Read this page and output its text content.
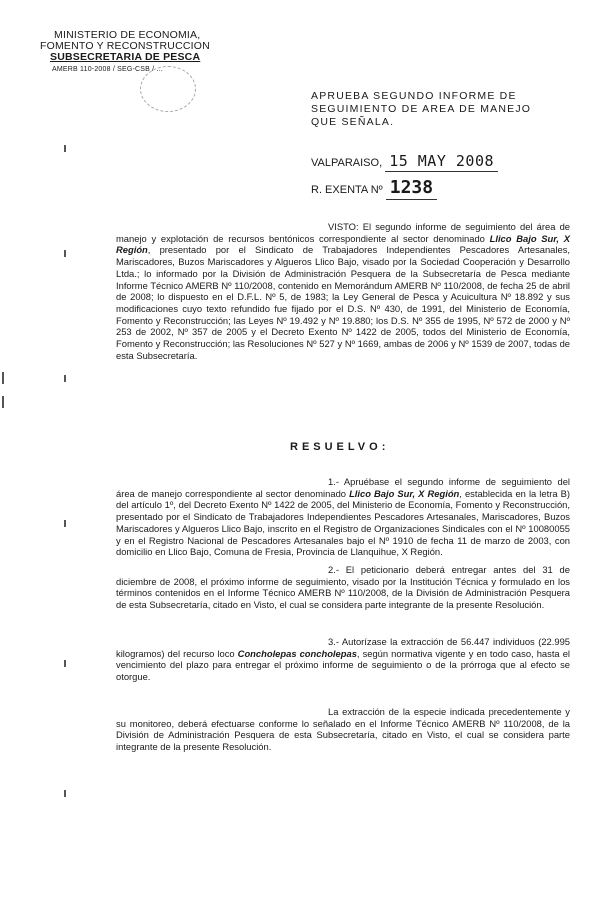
MINISTERIO DE ECONOMIA,
FOMENTO Y RECONSTRUCCION
SUBSECRETARIA DE PESCA
AMERB 110-2008 / SEG-CSB / ...
APRUEBA SEGUNDO INFORME DE SEGUIMIENTO DE AREA DE MANEJO QUE SEÑALA.
VALPARAISO, 15 MAY 2008
R. EXENTA Nº 1238
VISTO: El segundo informe de seguimiento del área de manejo y explotación de recursos bentónicos correspondiente al sector denominado Llico Bajo Sur, X Región, presentado por el Sindicato de Trabajadores Independientes Pescadores Artesanales, Mariscadores, Buzos Mariscadores y Algueros Llico Bajo, visado por la Sociedad Cooperación y Desarrollo Ltda.; lo informado por la División de Administración Pesquera de la Subsecretaría de Pesca mediante Informe Técnico AMERB Nº 110/2008, contenido en Memorándum AMERB Nº 110/2008, de fecha 25 de abril de 2008; lo dispuesto en el D.F.L. Nº 5, de 1983; la Ley General de Pesca y Acuicultura Nº 18.892 y sus modificaciones cuyo texto refundido fue fijado por el D.S. Nº 430, de 1991, del Ministerio de Economía, Fomento y Reconstrucción; las Leyes Nº 19.492 y Nº 19.880; los D.S. Nº 355 de 1995, Nº 572 de 2000 y Nº 253 de 2002, Nº 357 de 2005 y el Decreto Exento Nº 1422 de 2005, todos del Ministerio de Economía, Fomento y Reconstrucción; las Resoluciones Nº 527 y Nº 1669, ambas de 2006 y Nº 1539 de 2007, todas de esta Subsecretaría.
RESUELVO:
1.- Apruébase el segundo informe de seguimiento del área de manejo correspondiente al sector denominado Llico Bajo Sur, X Región, establecida en la letra B) del artículo 1º, del Decreto Exento Nº 1422 de 2005, del Ministerio de Economía, Fomento y Reconstrucción, presentado por el Sindicato de Trabajadores Independientes Pescadores Artesanales, Mariscadores, Buzos Mariscadores y Algueros Llico Bajo, inscrito en el Registro de Organizaciones Sindicales con el Nº 10080055 y en el Registro Nacional de Pescadores Artesanales bajo el Nº 1910 de fecha 11 de marzo de 2003, con domicilio en Llico Bajo, Comuna de Fresia, Provincia de Llanquihue, X Región.
2.- El peticionario deberá entregar antes del 31 de diciembre de 2008, el próximo informe de seguimiento, visado por la Institución Técnica y formulado en los términos contenidos en el Informe Técnico AMERB Nº 110/2008, de la División de Administración Pesquera de esta Subsecretaría, citado en Visto, el cual se considera parte integrante de la presente Resolución.
3.- Autorízase la extracción de 56.447 individuos (22.995 kilogramos) del recurso loco Concholepas concholepas, según normativa vigente y en todo caso, hasta el vencimiento del plazo para entregar el próximo informe de seguimiento o de la prórroga que al efecto se otorgue.
La extracción de la especie indicada precedentemente y su monitoreo, deberá efectuarse conforme lo señalado en el Informe Técnico AMERB Nº 110/2008, de la División de Administración Pesquera de esta Subsecretaría, citado en Visto, el cual se considera parte integrante de la presente Resolución.
